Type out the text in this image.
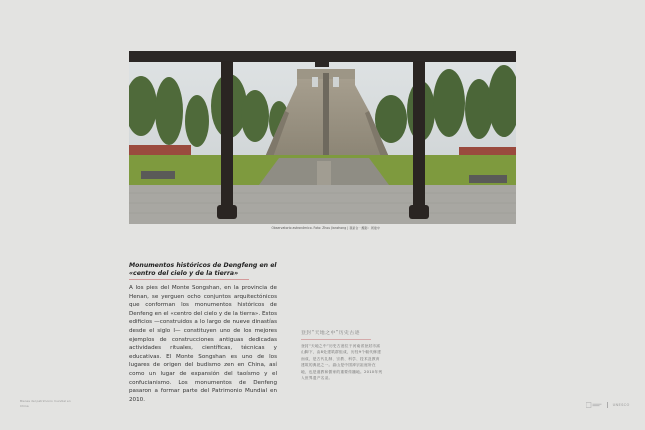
Observatorio astronómico. Foto: Zhou Jianzhong | 观星台 · 摄影：周建中
Monumentos históricos de Dengfeng en el «centro del cielo y de la tierra»

A los pies del Monte Songshan, en la provincia de Henan, se yerguen ocho conjuntos arquitectónicos que conforman los monumentos históricos de Denfeng en el «centro del cielo y de la tierra». Estos edificios —construidos a lo largo de nueve dinastías desde el siglo I— constituyen uno de los mejores ejemplos de construcciones antiguas dedicadas actividades rituales, científicas, técnicas y educativas. El Monte Songshan es uno de los lugares de origen del budismo zen en China, así como un lugar de expansión del taoísmo y el confucianismo. Los monumentos de Denfeng pasaron a formar parte del Patrimonio Mundial en 2010.

登封“天地之中”历史古迹

登封“天地之中”历史古迹位于河南省登封市嵩山脚下，由8处建筑群组成，历经9个朝代修建而成，是古代礼制、宗教、科学、技术及教育建筑的典范之一。嵩山是中国禅宗祖庭所在地，也是道教和儒家的重要传播地。2010年列入世界遗产名录。

Bienes del patrimonio mundial en China	UNESCO
